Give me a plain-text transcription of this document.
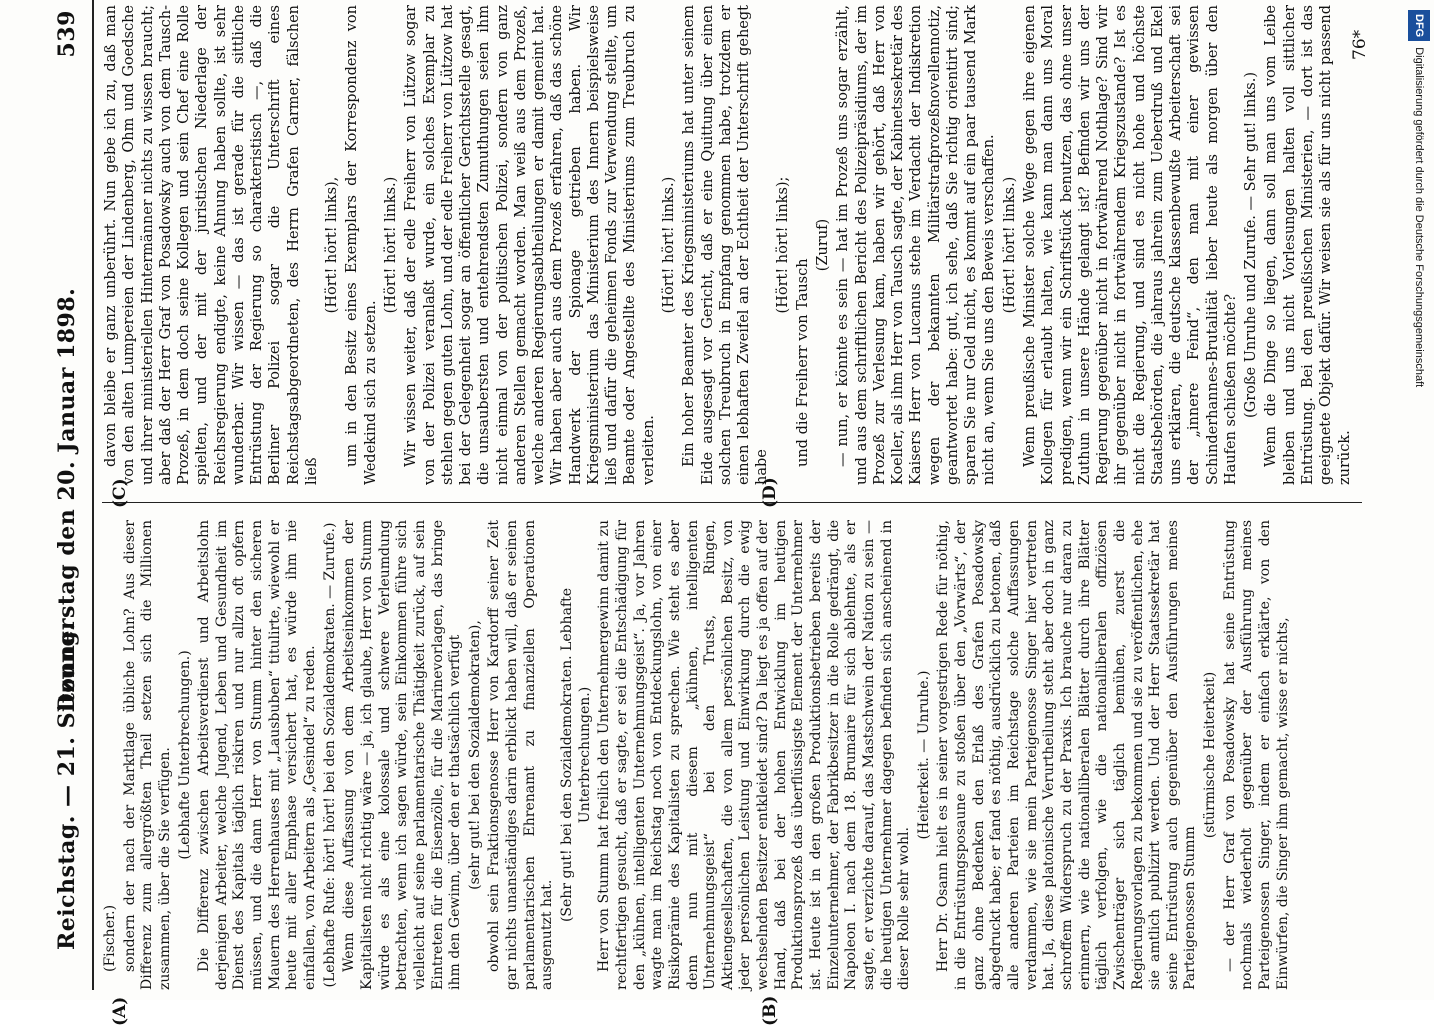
Reichstag. — 21. Sitzung.
Donnerstag den 20. Januar 1898.
539

(Fischer.) sondern der nach der Marktlage übliche Lohn? Aus dieser Differenz zum allergrößten Theil setzen sich die Millionen zusammen, über die Sie verfügen. (Lebhafte Unterbrechungen.) Die Differenz zwischen Arbeitsverdienst und Arbeitslohn derjenigen Arbeiter, welche Jugend, Leben und Gesundheit im Dienst des Kapitals täglich riskiren und nur allzu oft opfern müssen, und die dann Herr von Stumm hinter den sicheren Mauern des Herrenhauses mit „Lausbuben“ titulirte, wiewohl er heute mit aller Emphase versichert hat, es würde ihm nie einfallen, von Arbeitern als „Gesindel“ zu reden. (Lebhafte Rufe: hört! hört! bei den Sozialdemokraten. — Zurufe.) Wenn diese Auffassung von dem Arbeitseinkommen der Kapitalisten nicht richtig wäre — ja, ich glaube, Herr von Stumm würde es als eine kolossale und schwere Verleumdung betrachten, wenn ich sagen würde, sein Einkommen führe sich vielleicht auf seine parlamentarische Thätigkeit zurück, auf sein Eintreten für die Eisenzölle, für die Marinevorlagen, das bringe ihm den Gewinn, über den er thatsächlich verfügt (sehr gut! bei den Sozialdemokraten), obwohl sein Fraktionsgenosse Herr von Kardorff seiner Zeit gar nichts unanständiges darin erblickt haben will, daß er seinen parlamentarischen Ehrenamt zu finanziellen Operationen ausgenutzt hat.

(Sehr gut! bei den Sozialdemokraten. Lebhafte Unterbrechungen.) Herr von Stumm hat freilich den Unternehmergewinn damit zu rechtfertigen gesucht, daß er sagte, er sei die Entschädigung für den „kühnen, intelligenten Unternehmungsgeist“. Ja, vor Jahren wagte man im Reichstag noch von Entdeckungslohn, von einer Risikoprämie des Kapitalisten zu sprechen. Wie steht es aber denn nun mit diesem „kühnen, intelligenten Unternehmungsgeist“ bei den Trusts, Ringen, Aktiengesellschaften, die von allem persönlichen Besitz, von jeder persönlichen Leistung und Einwirkung durch die ewig wechselnden Besitzer entkleidet sind? Da liegt es ja offen auf der Hand, daß bei der hohen Entwicklung im heutigen Produktionsprozeß das überflüssigste Element der Unternehmer ist. Heute ist in den großen Produktionsbetrieben bereits der Einzelunternehmer, der Fabrikbesitzer in die Rolle gedrängt, die Napoleon I. nach dem 18. Brumaire für sich ablehnte, als er sagte, er verzichte darauf, das Mastschwein der Nation zu sein — die heutigen Unternehmer dagegen befinden sich anscheinend in dieser Rolle sehr wohl.

(Heiterkeit. — Unruhe.) Herr Dr. Osann hielt es in seiner vorgestrigen Rede für nöthig, in die Entrüstungsposaune zu stoßen über den „Vorwärts“, der ganz ohne Bedenken den Erlaß des Grafen Posadowsky abgedruckt habe; er fand es nöthig, ausdrücklich zu betonen, daß alle anderen Parteien im Reichstage solche Auffassungen verdammen, wie sie mein Parteigenosse Singer hier vertreten hat. Ja, diese platonische Verurtheilung steht aber doch in ganz schroffem Widerspruch zu der Praxis. Ich brauche nur daran zu erinnern, wie die nationalliberalen Blätter durch ihre Blätter täglich verfolgen, wie die nationalliberalen offiziösen Zwischenträger sich täglich bemühen, zuerst die Regierungsvorlagen zu bekommen und sie zu veröffentlichen, ehe sie amtlich publizirt werden. Und der Herr Staatssekretär hat seine Entrüstung auch gegenüber den Ausführungen meines Parteigenossen Stumm

(stürmische Heiterkeit) — der Herr Graf von Posadowsky hat seine Entrüstung nochmals wiederholt gegenüber der Ausführung meines Parteigenossen Singer, indem er einfach erklärte, von den Einwürfen, die Singer ihm gemacht, wisse er nichts,

davon bleibe er ganz unberührt. Nun gebe ich zu, daß man von den alten Lumpereien der Lindenberg, Ohm und Goedsche und ihrer ministeriellen Hintermänner nichts zu wissen braucht; aber daß der Herr Graf von Posadowsky auch von dem Tausch-Prozeß, in dem doch seine Kollegen und sein Chef eine Rolle spielten, und der mit der juristischen Niederlage der Reichsregierung endigte, keine Ahnung haben sollte, ist sehr wunderbar. Wir wissen — das ist gerade für die sittliche Entrüstung der Regierung so charakteristisch —, daß die Berliner Polizei sogar die Unterschrift eines Reichstagsabgeordneten, des Herrn Grafen Carmer, fälschen ließ

(Hört! hört! links), um in den Besitz eines Exemplars der Korrespondenz von Wedekind sich zu setzen.

(Hört! hört! links.) Wir wissen weiter, daß der edle Freiherr von Lützow sogar von der Polizei veranlaßt wurde, ein solches Exemplar zu stehlen gegen guten Lohn, und der edle Freiherr von Lützow hat bei der Gelegenheit sogar an öffentlicher Gerichtsstelle gesagt, die unsaubersten und entehrendsten Zumuthungen seien ihm nicht einmal von der politischen Polizei, sondern von ganz anderen Stellen gemacht worden. Man weiß aus dem Prozeß, welche anderen Regierungsabtheilungen er damit gemeint hat. Wir haben aber auch aus dem Prozeß erfahren, daß das schöne Handwerk der Spionage getrieben haben. Wir Kriegsministerium das Ministerium des Innern beispielsweise ließ und dafür die geheimen Fonds zur Verwendung stellte, um Beamte oder Angestellte des Ministeriums zum Treubruch zu verleiten.

(Hört! hört! links.) Ein hoher Beamter des Kriegsministeriums hat unter seinem Eide ausgesagt vor Gericht, daß er eine Quittung über einen solchen Treubruch in Empfang genommen habe, trotzdem er einen lebhaften Zweifel an der Echtheit der Unterschrift gehegt habe

(Hört! hört! links);

und die Freiherr von Tausch

(Zuruf) — nun, er könnte es sein — hat im Prozeß uns sogar erzählt, und aus dem schriftlichen Bericht des Polizeipräsidiums, der im Prozeß zur Verlesung kam, haben wir gehört, daß Herr von Koeller, als ihm Herr von Tausch sagte, der Kabinetssekretär des Kaisers Herr von Lucanus stehe im Verdacht der Indiskretion wegen der bekannten Militärstrafprozeßnovellennotiz, geantwortet habe: gut, ich sehe, daß Sie richtig orientirt sind; sparen Sie nur Geld nicht, es kommt auf ein paar tausend Mark nicht an, wenn Sie uns den Beweis verschaffen. (Hört! hört! links.) Wenn preußische Minister solche Wege gegen ihre eigenen Kollegen für erlaubt halten, wie kann man dann uns Moral predigen, wenn wir ein Schriftstück benutzen, das ohne unser Zuthun in unsere Hände gelangt ist? Befinden wir uns der Regierung gegenüber nicht in fortwährend Nothlage? Sind wir ihr gegenüber nicht in fortwährendem Kriegszustande? Ist es nicht die Regierung, und sind es nicht hohe und höchste Staatsbehörden, die jahraus jahrein zum Ueberdruß und Ekel uns erklären, die deutsche klassenbewußte Arbeiterschaft sei der „innere Feind“, den man mit einer gewissen Schinderhannes-Brutalität lieber heute als morgen über den Haufen schießen möchte? (Große Unruhe und Zurufe. — Sehr gut! links.) Wenn die Dinge so liegen, dann soll man uns vom Leibe bleiben und uns nicht Vorlesungen halten voll sittlicher Entrüstung. Bei den preußischen Ministerien, — dort ist das geeignete Objekt dafür. Wir weisen sie als für uns nicht passend zurück.

(A)	(B)
(C)	(D)
76*
DFGDigitalisierung gefördert durch die Deutsche Forschungsgemeinschaft
